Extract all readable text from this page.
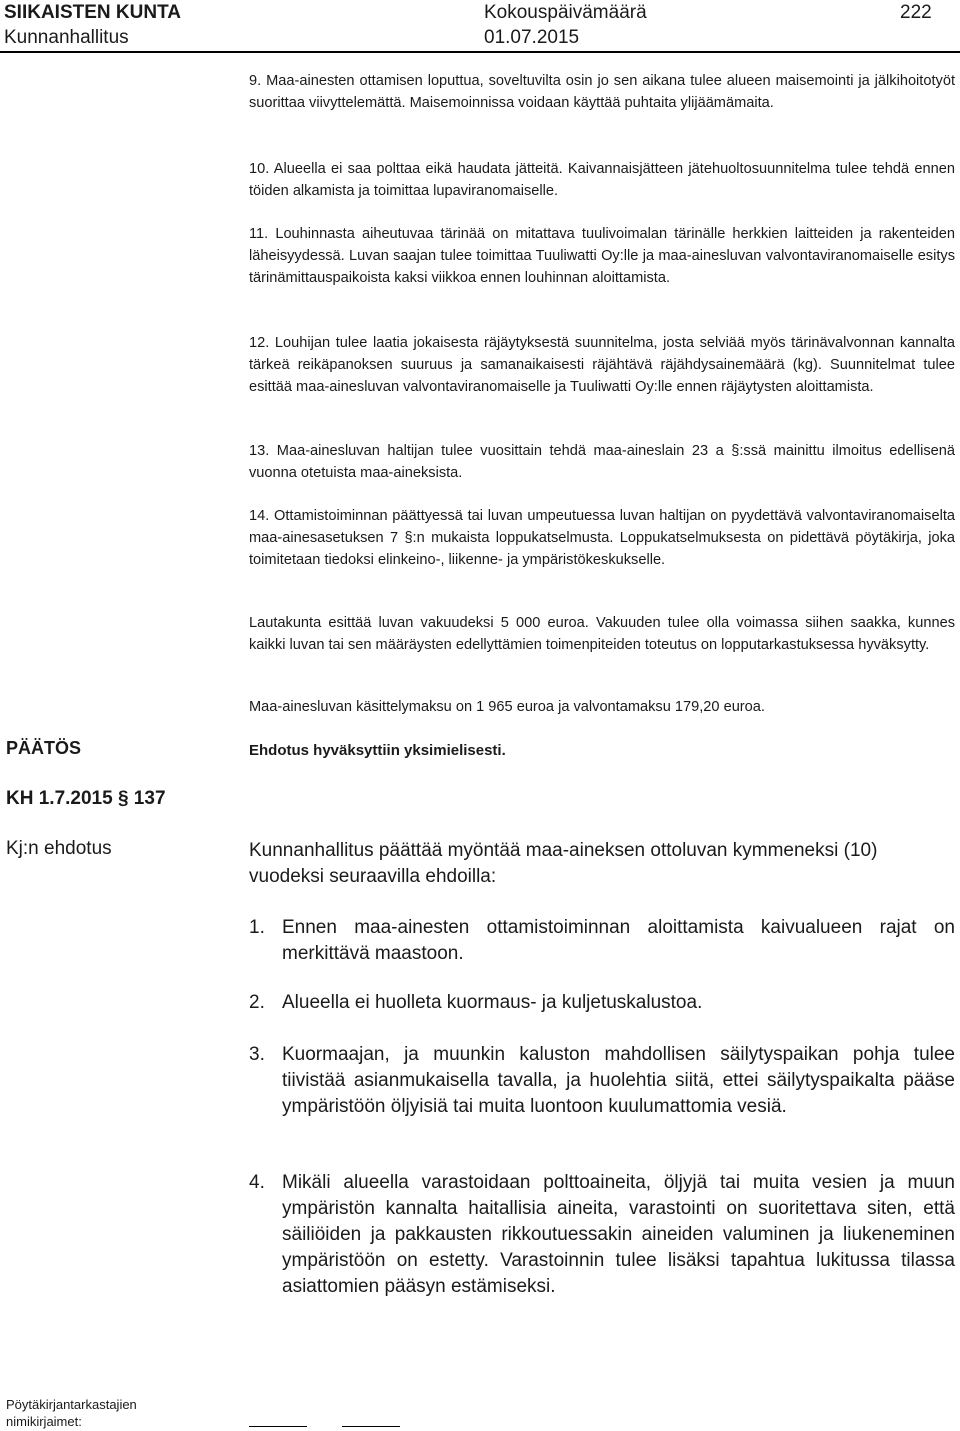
SIIKAISTEN KUNTA
Kunnanhallitus
Kokouspäivämäärä
01.07.2015
222

9. Maa-ainesten ottamisen loputtua, soveltuvilta osin jo sen aikana tulee alueen maisemointi ja jälkihoitotyöt suorittaa viivyttelemättä. Maisemoinnissa voidaan käyttää puhtaita ylijäämämaita.

10. Alueella ei saa polttaa eikä haudata jätteitä. Kaivannaisjätteen jätehuoltosuunnitelma tulee tehdä ennen töiden alkamista ja toimittaa lupaviranomaiselle.

11. Louhinnasta aiheutuvaa tärinää on mitattava tuulivoimalan tärinälle herkkien laitteiden ja rakenteiden läheisyydessä. Luvan saajan tulee toimittaa Tuuliwatti Oy:lle ja maa-ainesluvan valvontaviranomaiselle esitys tärinämittauspaikoista kaksi viikkoa ennen louhinnan aloittamista.

12. Louhijan tulee laatia jokaisesta räjäytyksestä suunnitelma, josta selviää myös tärinävalvonnan kannalta tärkeä reikäpanoksen suuruus ja samanaikaisesti räjähtävä räjähdysainemäärä (kg). Suunnitelmat tulee esittää maa-ainesluvan valvontaviranomaiselle ja Tuuliwatti Oy:lle ennen räjäytysten aloittamista.

13. Maa-ainesluvan haltijan tulee vuosittain tehdä maa-aineslain 23 a §:ssä mainittu ilmoitus edellisenä vuonna otetuista maa-aineksista.

14. Ottamistoiminnan päättyessä tai luvan umpeutuessa luvan haltijan on pyydettävä valvontaviranomaiselta maa-ainesasetuksen 7 §:n mukaista loppukatselmusta. Loppukatselmuksesta on pidettävä pöytäkirja, joka toimitetaan tiedoksi elinkeino-, liikenne- ja ympäristökeskukselle.

Lautakunta esittää luvan vakuudeksi 5 000 euroa. Vakuuden tulee olla voimassa siihen saakka, kunnes kaikki luvan tai sen määräysten edellyttämien toimenpiteiden toteutus on lopputarkastuksessa hyväksytty.

Maa-ainesluvan käsittelymaksu on 1 965 euroa ja valvontamaksu 179,20 euroa.

PÄÄTÖS	Ehdotus hyväksyttiin yksimielisesti.
KH 1.7.2015 § 137
Kj:n ehdotus	Kunnanhallitus päättää myöntää maa-aineksen ottoluvan kymmeneksi (10) vuodeksi seuraavilla ehdoilla:

1. Ennen maa-ainesten ottamistoiminnan aloittamista kaivualueen rajat on merkittävä maastoon.
2. Alueella ei huolleta kuormaus- ja kuljetuskalustoa.
3. Kuormaajan, ja muunkin kaluston mahdollisen säilytyspaikan pohja tulee tiivistää asianmukaisella tavalla, ja huolehtia siitä, ettei säilytyspaikalta pääse ympäristöön öljyisiä tai muita luontoon kuulumattomia vesiä.
4. Mikäli alueella varastoidaan polttoaineita, öljyjä tai muita vesien ja muun ympäristön kannalta haitallisia aineita, varastointi on suoritettava siten, että säiliöiden ja pakkausten rikkoutuessakin aineiden valuminen ja liukeneminen ympäristöön on estetty. Varastoinnin tulee lisäksi tapahtua lukitussa tilassa asiattomien pääsyn estämiseksi.
Pöytäkirjantarkastajien nimikirjaimet:
